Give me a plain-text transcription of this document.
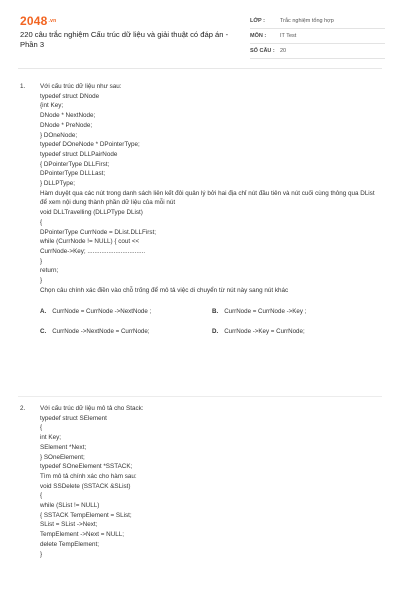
$2048^{.vn}$
220 câu trắc nghiệm Cấu trúc dữ liệu và giải thuật có đáp án - Phần 3
LỚP :	Trắc nghiệm tổng hợp
MÔN :	IT Test
SỐ CÂU : 20
1.	Với cấu trúc dữ liệu như sau:
typedef struct DNode
{int Key;
DNode * NextNode;
DNode * PreNode;
} DOneNode;
typedef DOneNode * DPointerType;
typedef struct DLLPairNode
{ DPointerType DLLFirst;
DPointerType DLLLast;
} DLLPType;
Hàm duyệt qua các nút trong danh sách liên kết đôi quản lý bởi hai địa chỉ nút đầu tiên và nút cuối cùng thông qua DList để xem nội dung thành phần dữ liệu của mỗi nút
void DLLTravelling (DLLPType DList)
{
DPointerType CurrNode = DList.DLLFirst;
while (CurrNode != NULL) { cout <<
CurrNode->Key; .................................
}
return;
}
Chọn câu chính xác điền vào chỗ trống để mô tả việc di chuyển từ nút này sang nút khác
A. CurrNode = CurrNode ->NextNode ;	B. CurrNode = CurrNode ->Key ;
C. CurrNode ->NextNode = CurrNode;	D. CurrNode ->Key = CurrNode;
2.	Với cấu trúc dữ liệu mô tả cho Stack:
typedef struct SElement
{
int Key;
SElement *Next;
} SOneElement;
typedef SOneElement *SSTACK;
Tìm mô tả chính xác cho hàm sau:
void SSDelete (SSTACK &SList)
{
while (SList != NULL)
{ SSTACK TempElement = SList;
SList = SList ->Next;
TempElement ->Next = NULL;
delete TempElement;
}
